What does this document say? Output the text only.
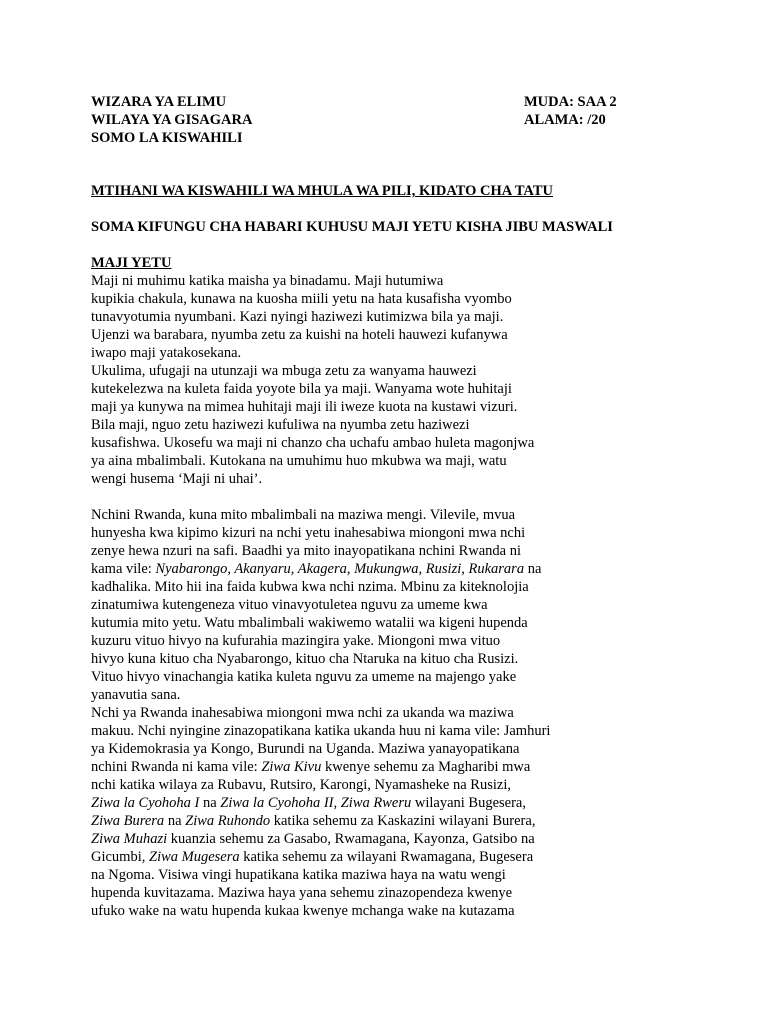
WIZARA YA ELIMU
WILAYA YA GISAGARA
SOMO LA KISWAHILI
MUDA: SAA 2
ALAMA: /20
MTIHANI WA KISWAHILI WA MHULA WA PILI, KIDATO CHA TATU
SOMA KIFUNGU CHA HABARI KUHUSU MAJI YETU KISHA JIBU MASWALI
MAJI YETU
Maji ni muhimu katika maisha ya binadamu. Maji hutumiwa
kupikia chakula, kunawa na kuosha miili yetu na hata kusafisha vyombo
tunavyotumia nyumbani. Kazi nyingi haziwezi kutimizwa bila ya maji.
Ujenzi wa barabara, nyumba zetu za kuishi na hoteli hauwezi kufanywa
iwapo maji yatakosekana.
Ukulima, ufugaji na utunzaji wa mbuga zetu za wanyama hauwezi
kutekelezwa na kuleta faida yoyote bila ya maji. Wanyama wote huhitaji
maji ya kunywa na mimea huhitaji maji ili iweze kuota na kustawi vizuri.
Bila maji, nguo zetu haziwezi kufuliwa na nyumba zetu haziwezi
kusafishwa. Ukosefu wa maji ni chanzo cha uchafu ambao huleta magonjwa
ya aina mbalimbali. Kutokana na umuhimu huo mkubwa wa maji, watu
wengi husema ‘Maji ni uhai’.
Nchini Rwanda, kuna mito mbalimbali na maziwa mengi. Vilevile, mvua
hunyesha kwa kipimo kizuri na nchi yetu inahesabiwa miongoni mwa nchi
zenye hewa nzuri na safi. Baadhi ya mito inayopatikana nchini Rwanda ni
kama vile: Nyabarongo, Akanyaru, Akagera, Mukungwa, Rusizi, Rukarara na
kadhalika. Mito hii ina faida kubwa kwa nchi nzima. Mbinu za kiteknolojia
zinatumiwa kutengeneza vituo vinavyotuletea nguvu za umeme kwa
kutumia mito yetu. Watu mbalimbali wakiwemo watalii wa kigeni hupenda
kuzuru vituo hivyo na kufurahia mazingira yake. Miongoni mwa vituo
hivyo kuna kituo cha Nyabarongo, kituo cha Ntaruka na kituo cha Rusizi.
Vituo hivyo vinachangia katika kuleta nguvu za umeme na majengo yake
yanavutia sana.
Nchi ya Rwanda inahesabiwa miongoni mwa nchi za ukanda wa maziwa
makuu. Nchi nyingine zinazopatikana katika ukanda huu ni kama vile: Jamhuri
ya Kidemokrasia ya Kongo, Burundi na Uganda. Maziwa yanayopatikana
nchini Rwanda ni kama vile: Ziwa Kivu kwenye sehemu za Magharibi mwa
nchi katika wilaya za Rubavu, Rutsiro, Karongi, Nyamasheke na Rusizi,
Ziwa la Cyohoha I na Ziwa la Cyohoha II, Ziwa Rweru wilayani Bugesera,
Ziwa Burera na Ziwa Ruhondo katika sehemu za Kaskazini wilayani Burera,
Ziwa Muhazi kuanzia sehemu za Gasabo, Rwamagana, Kayonza, Gatsibo na
Gicumbi, Ziwa Mugesera katika sehemu za wilayani Rwamagana, Bugesera
na Ngoma. Visiwa vingi hupatikana katika maziwa haya na watu wengi
hupenda kuvitazama. Maziwa haya yana sehemu zinazopendeza kwenye
ufuko wake na watu hupenda kukaa kwenye mchanga wake na kutazama
